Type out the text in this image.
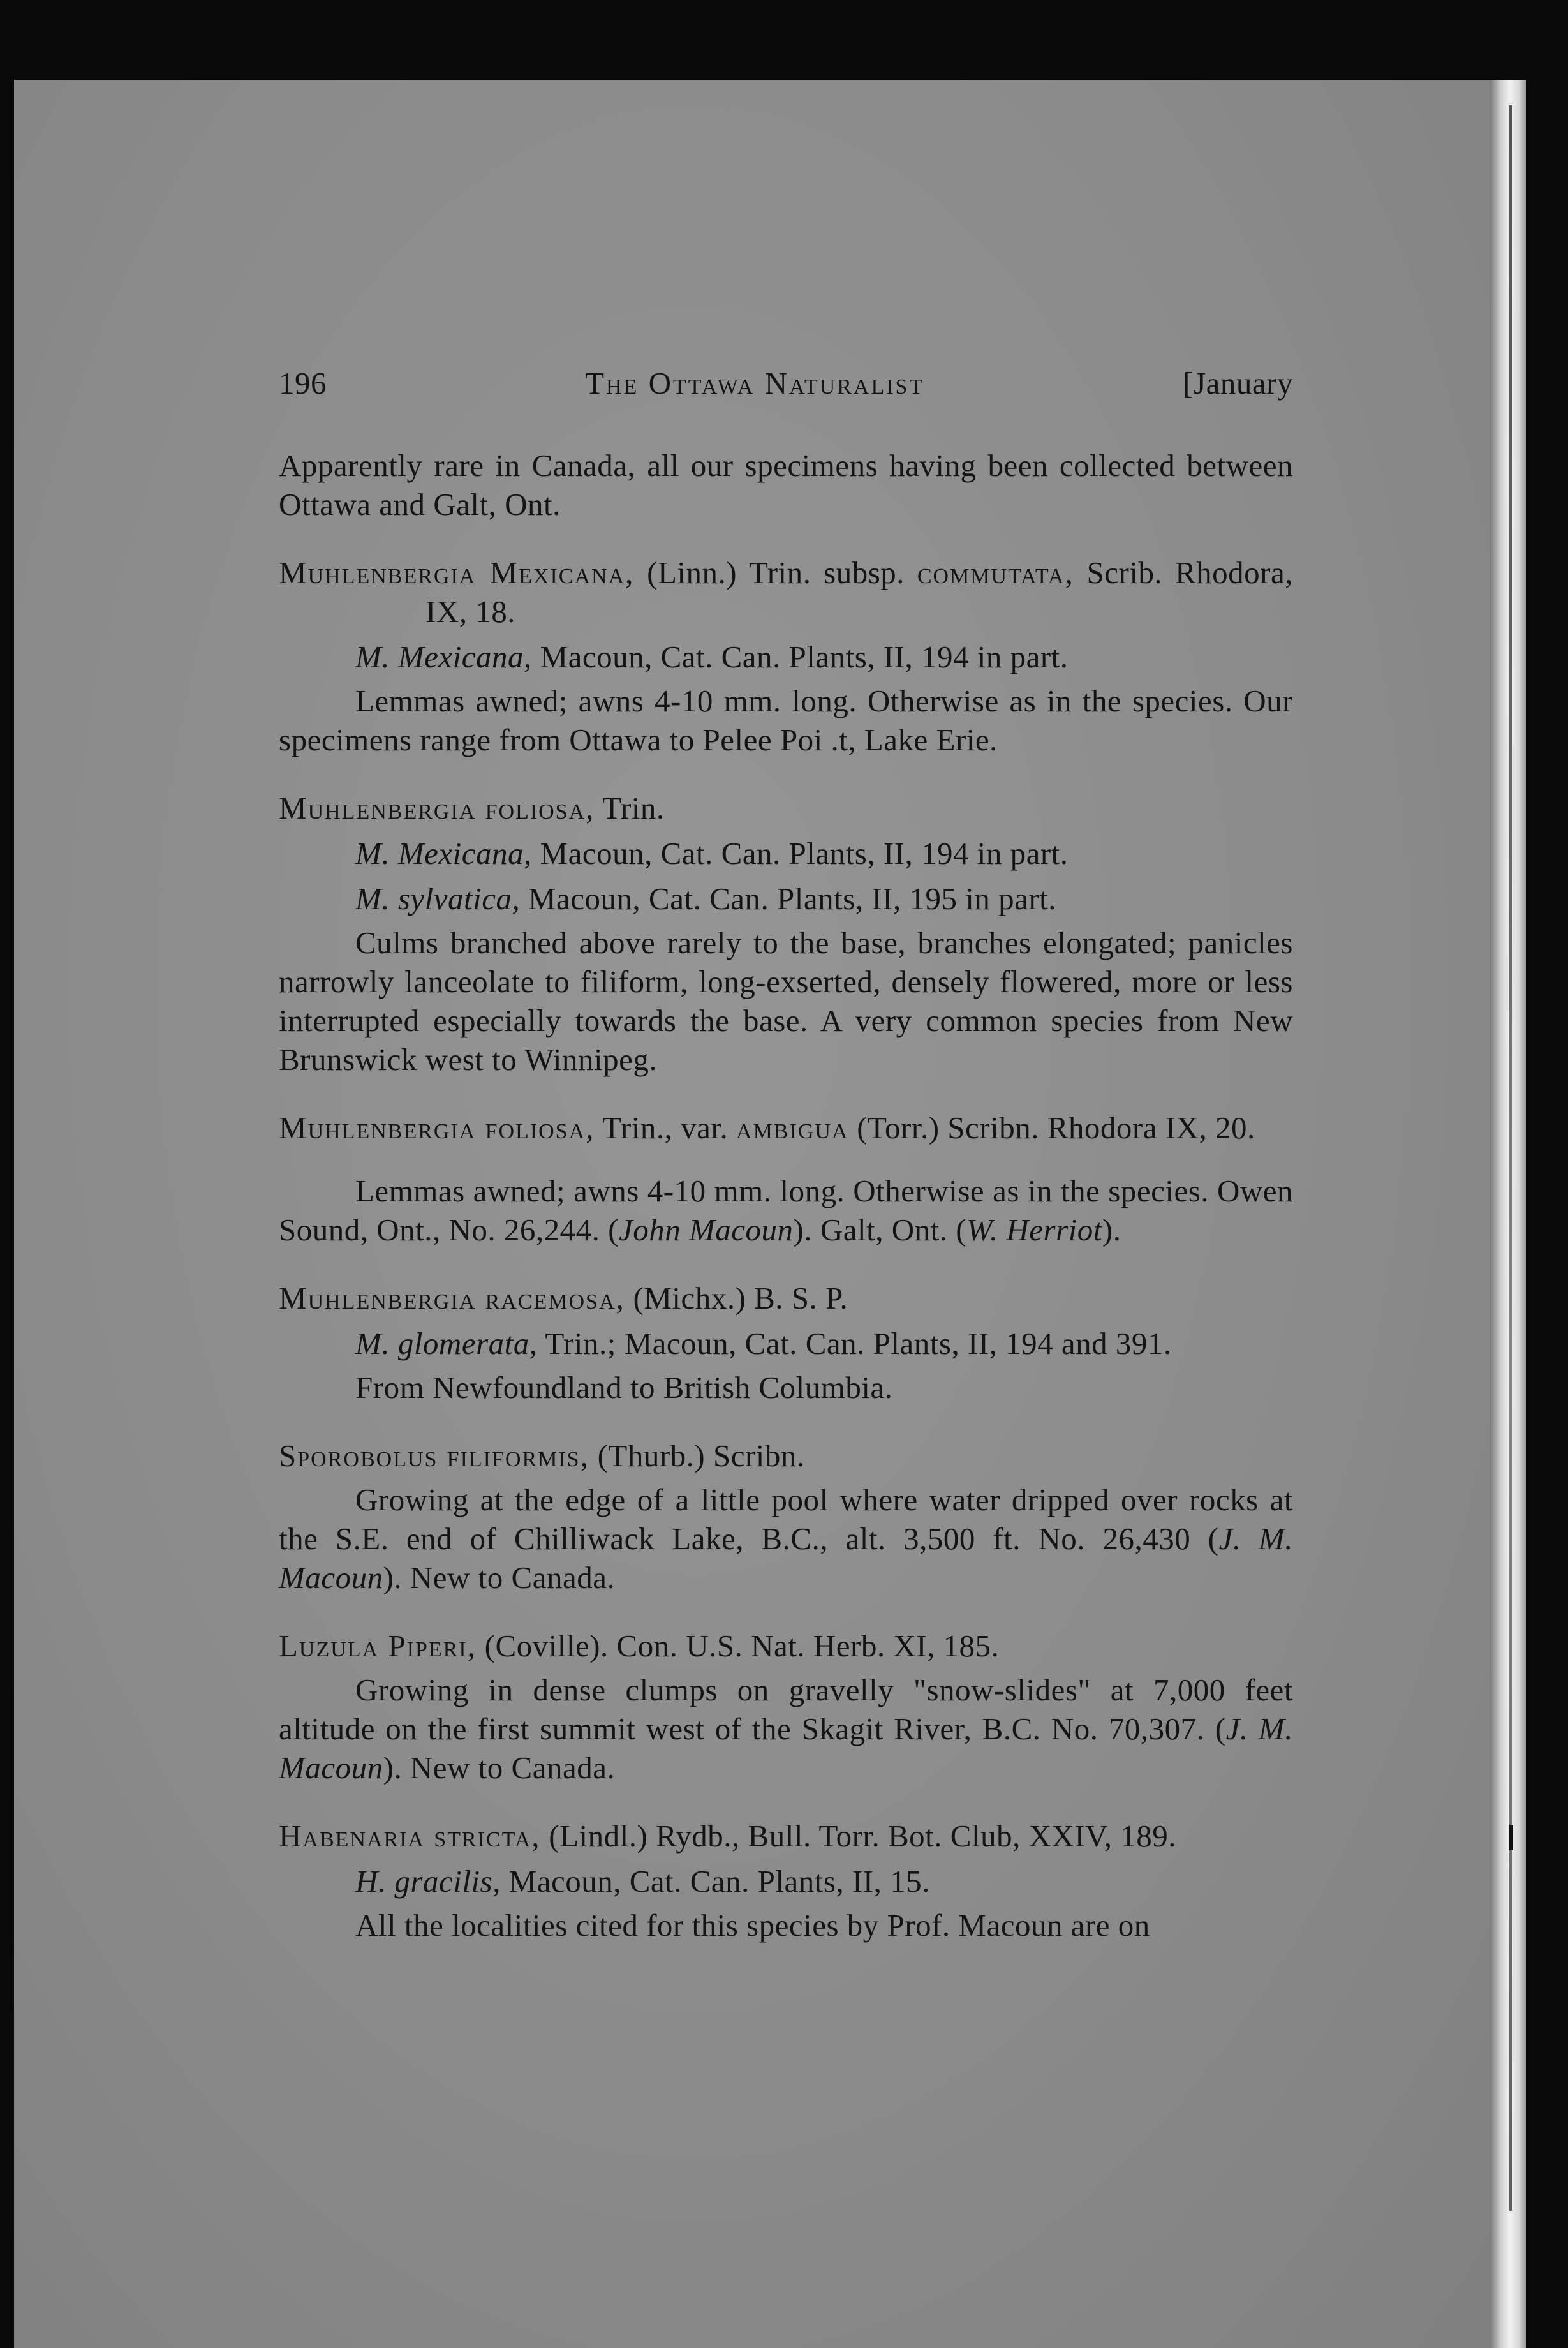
196	The Ottawa Naturalist	[January

Apparently rare in Canada, all our specimens having been collected between Ottawa and Galt, Ont.

Muhlenbergia Mexicana, (Linn.) Trin. subsp. commutata, Scrib. Rhodora, IX, 18.

M. Mexicana, Macoun, Cat. Can. Plants, II, 194 in part.

Lemmas awned; awns 4-10 mm. long. Otherwise as in the species. Our specimens range from Ottawa to Pelee Poi .t, Lake Erie.

Muhlenbergia foliosa, Trin.

M. Mexicana, Macoun, Cat. Can. Plants, II, 194 in part.

M. sylvatica, Macoun, Cat. Can. Plants, II, 195 in part.

Culms branched above rarely to the base, branches elongated; panicles narrowly lanceolate to filiform, long-exserted, densely flowered, more or less interrupted especially towards the base. A very common species from New Brunswick west to Winnipeg.

Muhlenbergia foliosa, Trin., var. ambigua (Torr.) Scribn. Rhodora IX, 20.

Lemmas awned; awns 4-10 mm. long. Otherwise as in the species. Owen Sound, Ont., No. 26,244. (John Macoun). Galt, Ont. (W. Herriot).

Muhlenbergia racemosa, (Michx.) B. S. P.

M. glomerata, Trin.; Macoun, Cat. Can. Plants, II, 194 and 391.

From Newfoundland to British Columbia.

Sporobolus filiformis, (Thurb.) Scribn.

Growing at the edge of a little pool where water dripped over rocks at the S.E. end of Chilliwack Lake, B.C., alt. 3,500 ft. No. 26,430 (J. M. Macoun). New to Canada.

Luzula Piperi, (Coville). Con. U.S. Nat. Herb. XI, 185.

Growing in dense clumps on gravelly "snow-slides" at 7,000 feet altitude on the first summit west of the Skagit River, B.C. No. 70,307. (J. M. Macoun). New to Canada.

Habenaria stricta, (Lindl.) Rydb., Bull. Torr. Bot. Club, XXIV, 189.

H. gracilis, Macoun, Cat. Can. Plants, II, 15.

All the localities cited for this species by Prof. Macoun are on
